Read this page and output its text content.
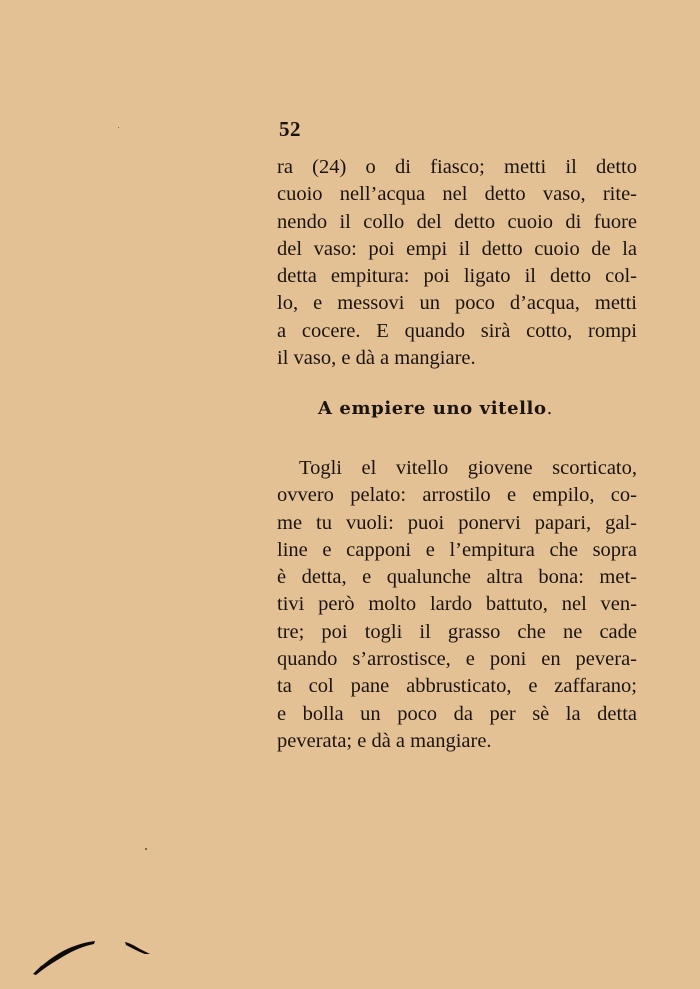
52
ra (24) o di fiasco; metti il detto
cuoio nell’acqua nel detto vaso, rite-
nendo il collo del detto cuoio di fuore
del vaso: poi empi il detto cuoio de la
detta empitura: poi ligato il detto col-
lo, e messovi un poco d’acqua, metti
a cocere. E quando sirà cotto, rompi
il vaso, e dà a mangiare.
A empiere uno vitello.
Togli el vitello giovene scorticato,
ovvero pelato: arrostilo e empilo, co-
me tu vuoli: puoi ponervi papari, gal-
line e capponi e l’empitura che sopra
è detta, e qualunche altra bona: met-
tivi però molto lardo battuto, nel ven-
tre; poi togli il grasso che ne cade
quando s’arrostisce, e poni en pevera-
ta col pane abbrusticato, e zaffarano;
e bolla un poco da per sè la detta
peverata; e dà a mangiare.
